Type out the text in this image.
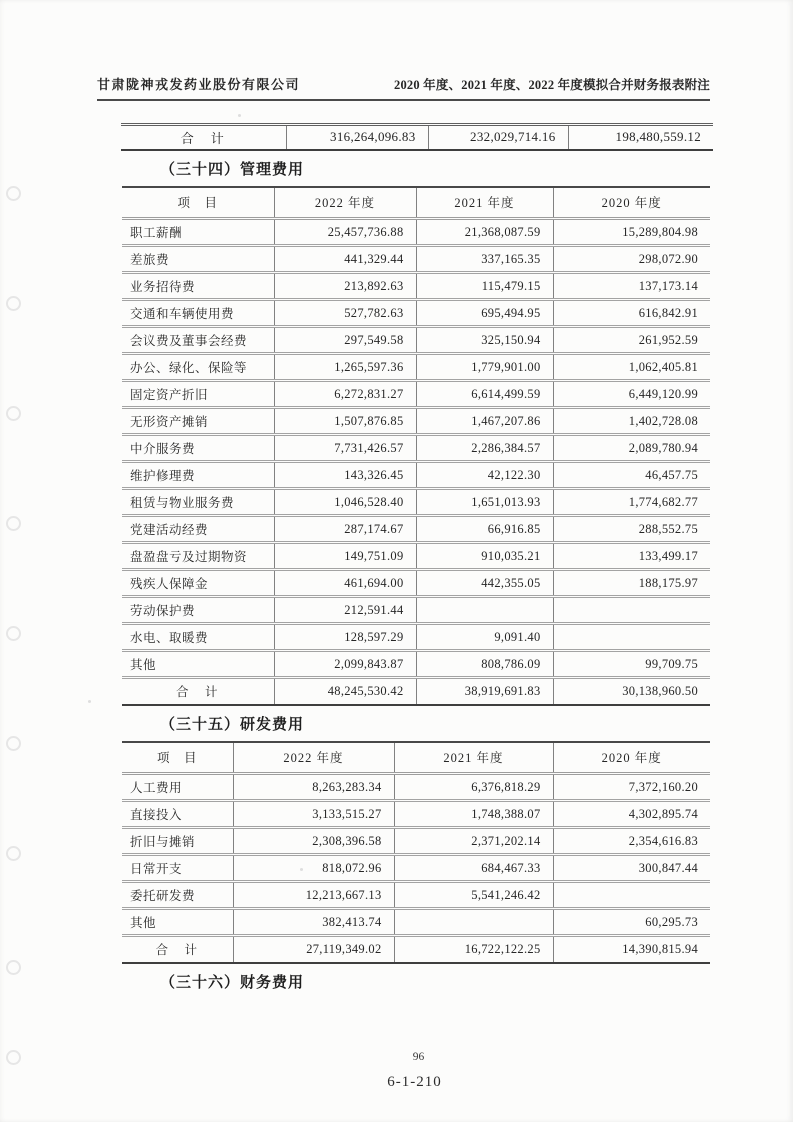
甘肃陇神戎发药业股份有限公司	2020 年度、2021 年度、2022 年度模拟合并财务报表附注
合　计	316,264,096.83	232,029,714.16	198,480,559.12
（三十四）管理费用
项　目	2022 年度	2021 年度	2020 年度
职工薪酬	25,457,736.88	21,368,087.59	15,289,804.98
差旅费	441,329.44	337,165.35	298,072.90
业务招待费	213,892.63	115,479.15	137,173.14
交通和车辆使用费	527,782.63	695,494.95	616,842.91
会议费及董事会经费	297,549.58	325,150.94	261,952.59
办公、绿化、保险等	1,265,597.36	1,779,901.00	1,062,405.81
固定资产折旧	6,272,831.27	6,614,499.59	6,449,120.99
无形资产摊销	1,507,876.85	1,467,207.86	1,402,728.08
中介服务费	7,731,426.57	2,286,384.57	2,089,780.94
维护修理费	143,326.45	42,122.30	46,457.75
租赁与物业服务费	1,046,528.40	1,651,013.93	1,774,682.77
党建活动经费	287,174.67	66,916.85	288,552.75
盘盈盘亏及过期物资	149,751.09	910,035.21	133,499.17
残疾人保障金	461,694.00	442,355.05	188,175.97
劳动保护费	212,591.44		
水电、取暖费	128,597.29	9,091.40	
其他	2,099,843.87	808,786.09	99,709.75
合　计	48,245,530.42	38,919,691.83	30,138,960.50
（三十五）研发费用
项　目	2022 年度	2021 年度	2020 年度
人工费用	8,263,283.34	6,376,818.29	7,372,160.20
直接投入	3,133,515.27	1,748,388.07	4,302,895.74
折旧与摊销	2,308,396.58	2,371,202.14	2,354,616.83
日常开支	818,072.96	684,467.33	300,847.44
委托研发费	12,213,667.13	5,541,246.42	
其他	382,413.74		60,295.73
合　计	27,119,349.02	16,722,122.25	14,390,815.94
（三十六）财务费用
96
6-1-210
